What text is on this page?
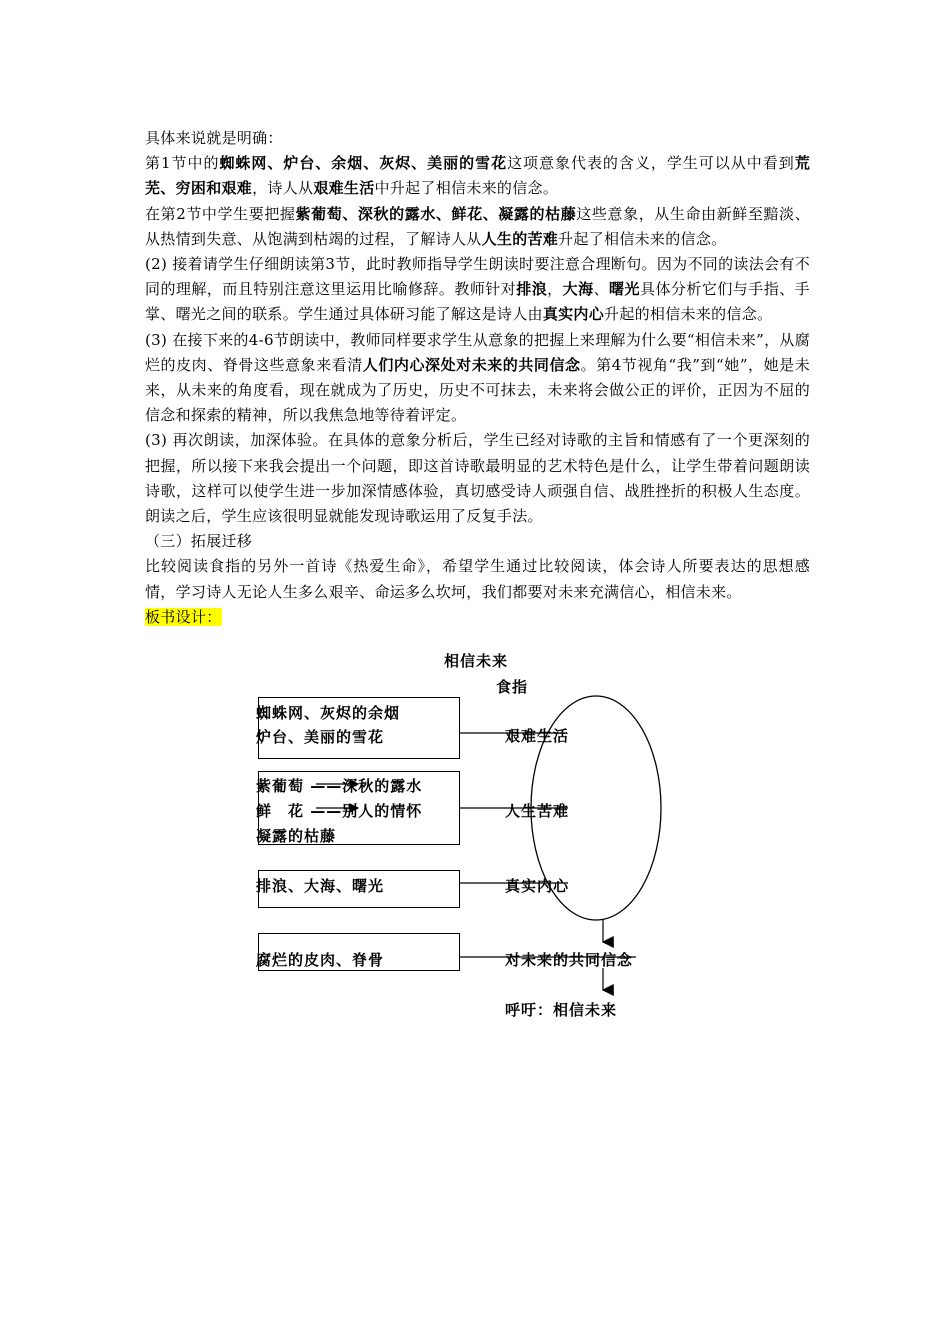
具体来说就是明确：

第1节中的蜘蛛网、炉台、余烟、灰烬、美丽的雪花这项意象代表的含义，学生可以从中看到荒芜、穷困和艰难，诗人从艰难生活中升起了相信未来的信念。

在第2节中学生要把握紫葡萄、深秋的露水、鲜花、凝露的枯藤这些意象，从生命由新鲜至黯淡、从热情到失意、从饱满到枯竭的过程，了解诗人从人生的苦难升起了相信未来的信念。

(2) 接着请学生仔细朗读第3节，此时教师指导学生朗读时要注意合理断句。因为不同的读法会有不同的理解，而且特别注意这里运用比喻修辞。教师针对排浪，大海、曙光具体分析它们与手指、手掌、曙光之间的联系。学生通过具体研习能了解这是诗人由真实内心升起的相信未来的信念。

(3) 在接下来的4-6节朗读中，教师同样要求学生从意象的把握上来理解为什么要“相信未来”，从腐烂的皮肉、脊骨这些意象来看清人们内心深处对未来的共同信念。第4节视角“我”到“她”，她是未来，从未来的角度看，现在就成为了历史，历史不可抹去，未来将会做公正的评价，正因为不屈的信念和探索的精神，所以我焦急地等待着评定。

(3) 再次朗读，加深体验。在具体的意象分析后，学生已经对诗歌的主旨和情感有了一个更深刻的把握，所以接下来我会提出一个问题，即这首诗歌最明显的艺术特色是什么，让学生带着问题朗读诗歌，这样可以使学生进一步加深情感体验，真切感受诗人顽强自信、战胜挫折的积极人生态度。朗读之后，学生应该很明显就能发现诗歌运用了反复手法。

（三）拓展迁移

比较阅读食指的另外一首诗《热爱生命》，希望学生通过比较阅读，体会诗人所要表达的思想感情，学习诗人无论人生多么艰辛、命运多么坎坷，我们都要对未来充满信心，相信未来。

板书设计：

相信未来
食指
蜘蛛网、灰烬的余烟
炉台、美丽的雪花
紫葡萄 ——深秋的露水
鲜　花 ——别人的情怀
凝露的枯藤
排浪、大海、曙光
腐烂的皮肉、脊骨
艰难生活
人生苦难
真实内心
对未来的共同信念
呼吁：相信未来
